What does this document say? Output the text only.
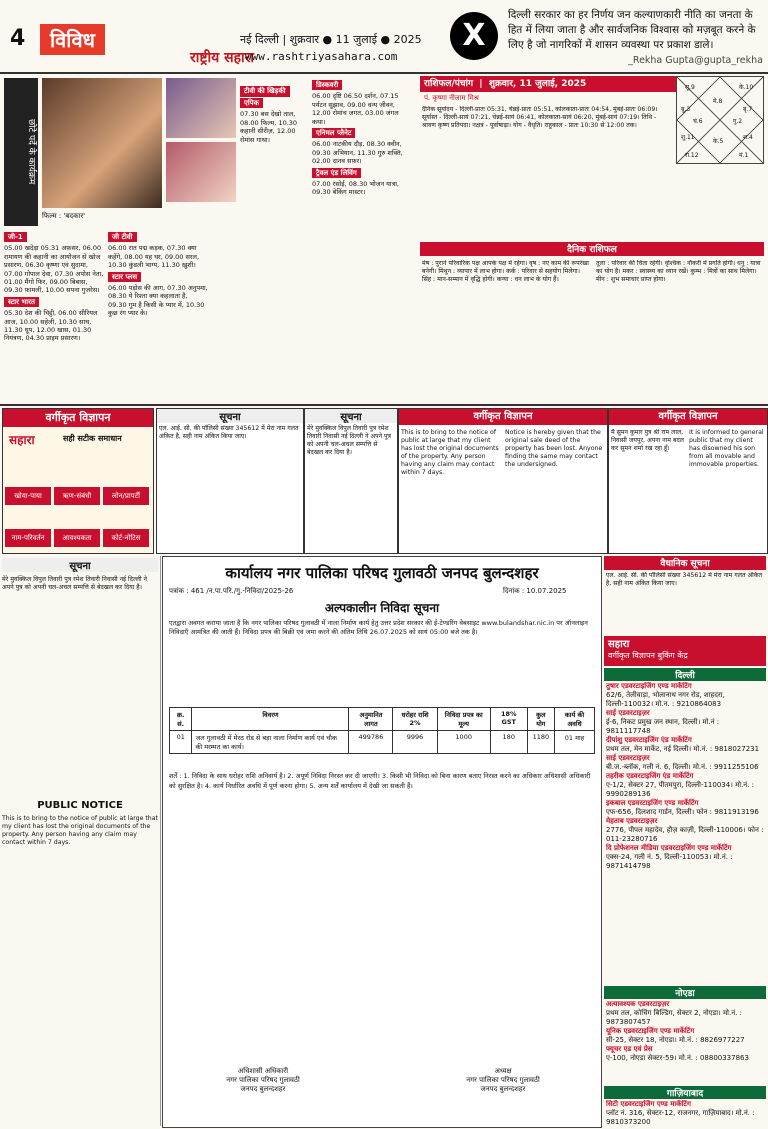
4	विविध	नई दिल्ली | शुक्रवार ● 11 जुलाई ● 2025
राष्ट्रीय सहारा
www.rashtriyasahara.com
X
दिल्ली सरकार का हर निर्णय जन कल्याणकारी नीति का जनता के हित में लिया जाता है और सार्वजनिक विश्वास को मज़बूत करने के लिए है जो नागरिकों में शासन व्यवस्था पर प्रकाश डाले।
_Rekha Gupta@gupta_rekha
छोटे पर्दे के कार्यक्रम
फिल्म : 'बदकार'
टीवी की खिड़की
जी-1
05.00 खदेड़ा 05.31 अफ़सर, 06.00 रामायण की कहानी का आयोजन से खोज प्रसारण, 06.30 कृष्णा एवं सुदामा, 07.00 गोपाल देवा, 07.30 अपोस नेता, 01.00 मैंगो फिर, 09.00 बिबास, 09.30 फ़ामली, 10.00 सपना गुजरेस।
स्टार भारत
05.30 देश की चिट्ठी, 06.00 सीरियल आज, 10.00 सहेली, 10.30 साथ, 11.30 धूप, 12.00 खास, 01.30 नियंत्रण, 04.30 प्राइम प्रसारण।
जी टीवी
06.00 रात पद्म कड़क, 07.30 क्या कहेंगे, 08.00 यह घर, 09.00 सरल, 10.30 कुंडली भाग्य, 11.30 ख़ुशी।
स्टार प्लस
06.00 पड़ोस की आग, 07.30 अनुपमा, 08.30 ये रिश्ता क्या कहलाता है, 09.30 गुम है किसी के प्यार में, 10.30 कुछ रंग प्यार के।
एपिक
07.30 बस देखो ताल, 08.00 फिल्म, 10.30 कहानी सीरीज़, 12.00 रोमांस गाथा।
डिस्कवरी
06.00 दृष्टि 06.50 दर्शन, 07.15 पर्यटन सुझाव, 09.00 वन्य जीवन, 12.00 रोमांच जगत, 03.00 जंगल कथा।
एनिमल प्लैनेट
06.00 नाटकीय दौड़, 08.30 क्वीन, 09.30 अभियान, 11.30 गुरु शक्ति, 02.00 दानव सफ़र।
ट्रैवल एंड लिविंग
07.00 रसोई, 08.30 भोजन यात्रा, 09.30 बेकिंग मास्टर।
राशिफल/पंचांग  |  शुक्रवार, 11 जुलाई, 2025
पं. कृष्णा नीलाम मिश्र
दैनिक सूर्योदय - दिल्ली-प्रातः 05:31, चेन्नई-प्रातः 05:51, कोलकाता-प्रातः 04:54, मुंबई-प्रातः 06:09। सूर्यास्त - दिल्ली-सायं 07:21, चेन्नई-सायं 06:41, कोलकाता-सायं 06:20, मुंबई-सायं 07:19। तिथि - श्रावण कृष्ण प्रतिपदा। नक्षत्र - पूर्वाषाढ़ा। योग - वैधृति। राहुकाल - प्रातः 10:30 से 12:00 तक।
मे.8
सू.9
बु.3
चं.6
शु.11
रा.12
के.5
मं.1
श.4
गु.2
बृ.7
के.10
दैनिक राशिफल
मेष : पुराने परिवारिक पक्ष आपके पक्ष में रहेगा। वृष : नए काम की रूपरेखा बनेगी। मिथुन : व्यापार में लाभ होगा। कर्क : परिवार से सहयोग मिलेगा। सिंह : मान-सम्मान में वृद्धि होगी। कन्या : धन लाभ के योग हैं।
तुला : परिवार की चिंता रहेगी। वृश्चिक : नौकरी में प्रगति होगी। धनु : यात्रा का योग है। मकर : स्वास्थ्य का ध्यान रखें। कुम्भ : मित्रों का साथ मिलेगा। मीन : शुभ समाचार प्राप्त होगा।
वर्गीकृत विज्ञापन
सहारा	सही सटीक समाधान
खोया-पाया	ऋण-संबंधी	लोन/प्रापर्टी
नाम-परिवर्तन	आवश्यकता	कोर्ट-नोटिस
सूचना
एल. आई. सी. की पॉलिसी संख्या 345612 में मेरा नाम गलत अंकित है, सही नाम अंकित किया जाए।
सूचना
मेरे मुवक्किल विपुल तिवारी पुत्र रमेश तिवारी निवासी नई दिल्ली ने अपने पुत्र को अपनी चल-अचल सम्पत्ति से बेदखल कर दिया है।
वर्गीकृत विज्ञापन
This is to bring to the notice of public at large that my client has lost the original documents of the property. Any person having any claim may contact within 7 days.
Notice is hereby given that the original sale deed of the property has been lost. Anyone finding the same may contact the undersigned.
वर्गीकृत विज्ञापन
मैं सुमन कुमार पुत्र श्री राम लाल, निवासी जयपुर, अपना नाम बदल कर सुमन शर्मा रख रहा हूँ।
It is informed to general public that my client has disowned his son from all movable and immovable properties.
सूचना
मेरे मुवक्किल विपुल तिवारी पुत्र रमेश तिवारी निवासी नई दिल्ली ने अपने पुत्र को अपनी चल-अचल सम्पत्ति से बेदखल कर दिया है।
PUBLIC NOTICE
This is to bring to the notice of public at large that my client has lost the original documents of the property. Any person having any claim may contact within 7 days.
कार्यालय नगर पालिका परिषद गुलावठी जनपद बुलन्दशहर
पत्रांक : 461 /न.पा.परि./गु.-निविदा/2025-26	दिनांक : 10.07.2025
अल्पकालीन निविदा सूचना
एतद्वारा अवगत कराया जाता है कि नगर पालिका परिषद गुलावठी में नाला निर्माण कार्य हेतु उत्तर प्रदेश सरकार की ई-टेण्डरिंग वेबसाइट www.bulandshar.nic.in पर ऑनलाइन निविदाएँ आमंत्रित की जाती हैं। निविदा प्रपत्र की बिक्री एवं जमा करने की अंतिम तिथि 26.07.2025 को सायं 05:00 बजे तक है।
क्र. सं.	विवरण	अनुमानित लागत	धरोहर राशि 2%	निविदा प्रपत्र का मूल्य	18% GST	कुल योग	कार्य की अवधि
01	जल गुलावठी में मेरठ रोड से बड़ा नाला निर्माण कार्य एवं चौक की मरम्मत का कार्य।	499786	9996	1000	180	1180	01 माह
शर्तें : 1. निविदा के साथ धरोहर राशि अनिवार्य है। 2. अपूर्ण निविदा निरस्त कर दी जाएगी। 3. किसी भी निविदा को बिना कारण बताए निरस्त करने का अधिकार अधिशासी अधिकारी को सुरक्षित है। 4. कार्य निर्धारित अवधि में पूर्ण करना होगा। 5. अन्य शर्तें कार्यालय में देखी जा सकती हैं।
अधिशासी अधिकारी
नगर पालिका परिषद गुलावठी
जनपद बुलन्दशहर
अध्यक्ष
नगर पालिका परिषद गुलावठी
जनपद बुलन्दशहर
वैधानिक सूचना
एल. आई. सी. की पॉलिसी संख्या 345612 में मेरा नाम गलत अंकित है, सही नाम अंकित किया जाए।
सहारा
वर्गीकृत विज्ञापन बुकिंग केंद्र
दिल्ली
तुषार एडवरटाइजिंग एण्ड मार्केटिंग
62/6, तेलीवाड़ा, भोलानाथ नगर रोड, शाहदरा, दिल्ली-110032। मो.न. : 9210864083
साई एडवरटाइज़र
ई-6, निकट प्रमुख जन स्थान, दिल्ली। मो.नं : 9811117748
दीपांशु एडवरटाइजिंग एंड मार्केटिंग
प्रथम तल, मेन मार्केट, नई दिल्ली। मो.नं. : 9818027231
साई एडवरटाइज़र
बी.ज.-ब्लॉक, गली नं. 6, दिल्ली। मो.नं. : 9911255106
तहरीक एडवरटाइजिंग एंड मार्केटिंग
ए-1/2, सेक्टर 27, पीतमपुरा, दिल्ली-110034। मो.नं. : 9990289136
इकबाल एडवरटाइजिंग एण्ड मार्केटिंग
एफ-656, दिलशाद गार्डन, दिल्ली। फोन : 9811913196
मेहताब एडवरटाइज़र
2776, पीपल महादेव, हौज़ काज़ी, दिल्ली-110006। फोन : 011-23280716
दि प्रोफेशनल मीडिया एडवरटाइजिंग एण्ड मार्केटिंग
एक्स-24, गली नं. 5, दिल्ली-110053। मो.नं. : 9871414798
नोएडा
अत्यावश्यक एडवरटाइज़र
प्रथम तल, कोचिंग बिल्डिंग, सेक्टर 2, नोएडा। मो.नं. : 9873807457
यूनिक एडवरटाइजिंग एण्ड मार्केटिंग
सी-25, सेक्टर 18, नोएडा। मो.नं. : 8826977227
फ्यूचर एड एवं प्रेस
ए-100, नोएडा सेक्टर-59। मो.नं. : 08800337863
गाज़ियाबाद
सिटी एडवरटाइजिंग एण्ड मार्केटिंग
प्लॉट नं. 316, सेक्टर-12, राजनगर, गाज़ियाबाद। मो.नं. : 9810373200
